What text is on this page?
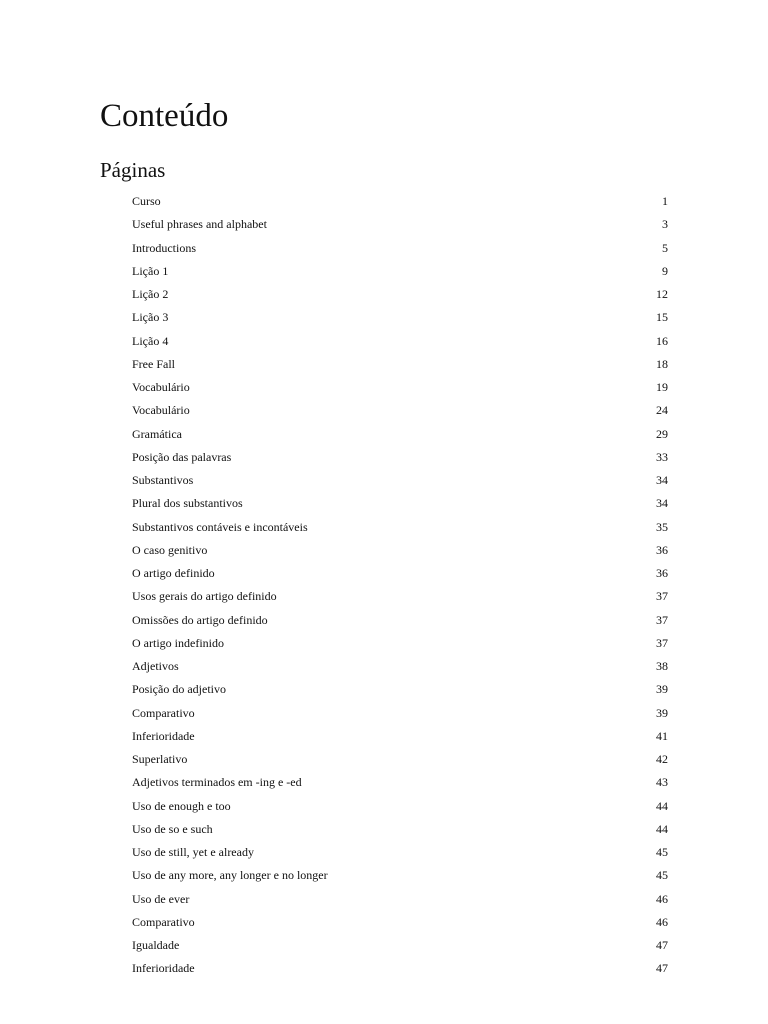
Conteúdo
Páginas
Curso	1
Useful phrases and alphabet	3
Introductions	5
Lição 1	9
Lição 2	12
Lição 3	15
Lição 4	16
Free Fall	18
Vocabulário	19
Vocabulário	24
Gramática	29
Posição das palavras	33
Substantivos	34
Plural dos substantivos	34
Substantivos contáveis e incontáveis	35
O caso genitivo	36
O artigo definido	36
Usos gerais do artigo definido	37
Omissões do artigo definido	37
O artigo indefinido	37
Adjetivos	38
Posição do adjetivo	39
Comparativo	39
Inferioridade	41
Superlativo	42
Adjetivos terminados em -ing e -ed	43
Uso de enough e too	44
Uso de so e such	44
Uso de still, yet e already	45
Uso de any more, any longer e no longer	45
Uso de ever	46
Comparativo	46
Igualdade	47
Inferioridade	47
